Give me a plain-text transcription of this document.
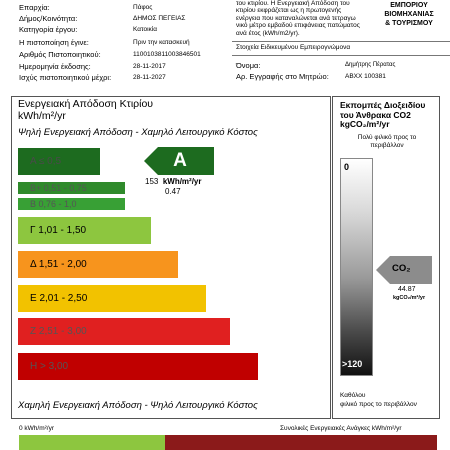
Επαρχία:	Πάφος
Δήμος/Κοινότητα:	ΔΗΜΟΣ ΠΕΓΕΙΑΣ
Κατηγορία έργου:	Κατοικία
Η πιστοποίηση έγινε:	Πριν την κατασκευή
Αριθμός Πιστοποιητικού:	1100103811003846501
Ημερομηνία έκδοσης:	28-11-2017
Ισχύς πιστοποιητικού μέχρι:	28-11-2027
του κτιρίου. Η Ενεργειακή Απόδοση του
κτιρίου εκφράζεται ως η πρωτογενής
ενέργεια που καταναλώνεται ανά τετραγω
νικό μέτρο εμβαδού επιφάνειας πατώματος
ανά έτος (kWh/m2/yr).
ΕΜΠΟΡΙΟΥ
ΒΙΟΜΗΧΑΝΙΑΣ
& ΤΟΥΡΙΣΜΟΥ
Στοιχεία Ειδικευμένου Εμπειρογνώμονα
Όνομα:	Δημήτρης Πέρατας
Αρ. Εγγραφής στο Μητρώο: ΑΒΧΧ 100381
Ενεργειακή Απόδοση Κτιρίου
kWh/m²/yr
Ψηλή Ενεργειακή Απόδοση - Χαμηλό Λειτουργικό Κόστος
Α ≤ 0,5
Β+ 0,51 - 0,75
Β 0,76 - 1,0
Γ 1,01 - 1,50
Δ 1,51 - 2,00
Ε 2,01 - 2,50
Ζ 2,51 - 3,00
Η > 3,00
A
153 kWh/m²/yr
0.47
Χαμηλή Ενεργειακή Απόδοση - Ψηλό Λειτουργικό Κόστος
Εκπομπές Διοξειδίου
του Άνθρακα CO2
kgCO₂/m²/yr
Πολύ φιλικό προς το
περιβάλλον
0
>120
CO₂
44.87
kgCO₂/m²/yr
Καθόλου
φιλικό προς το περιβάλλον
0 kWh/m²/yr	Συνολικές Ενεργειακές Ανάγκες kWh/m²/yr
